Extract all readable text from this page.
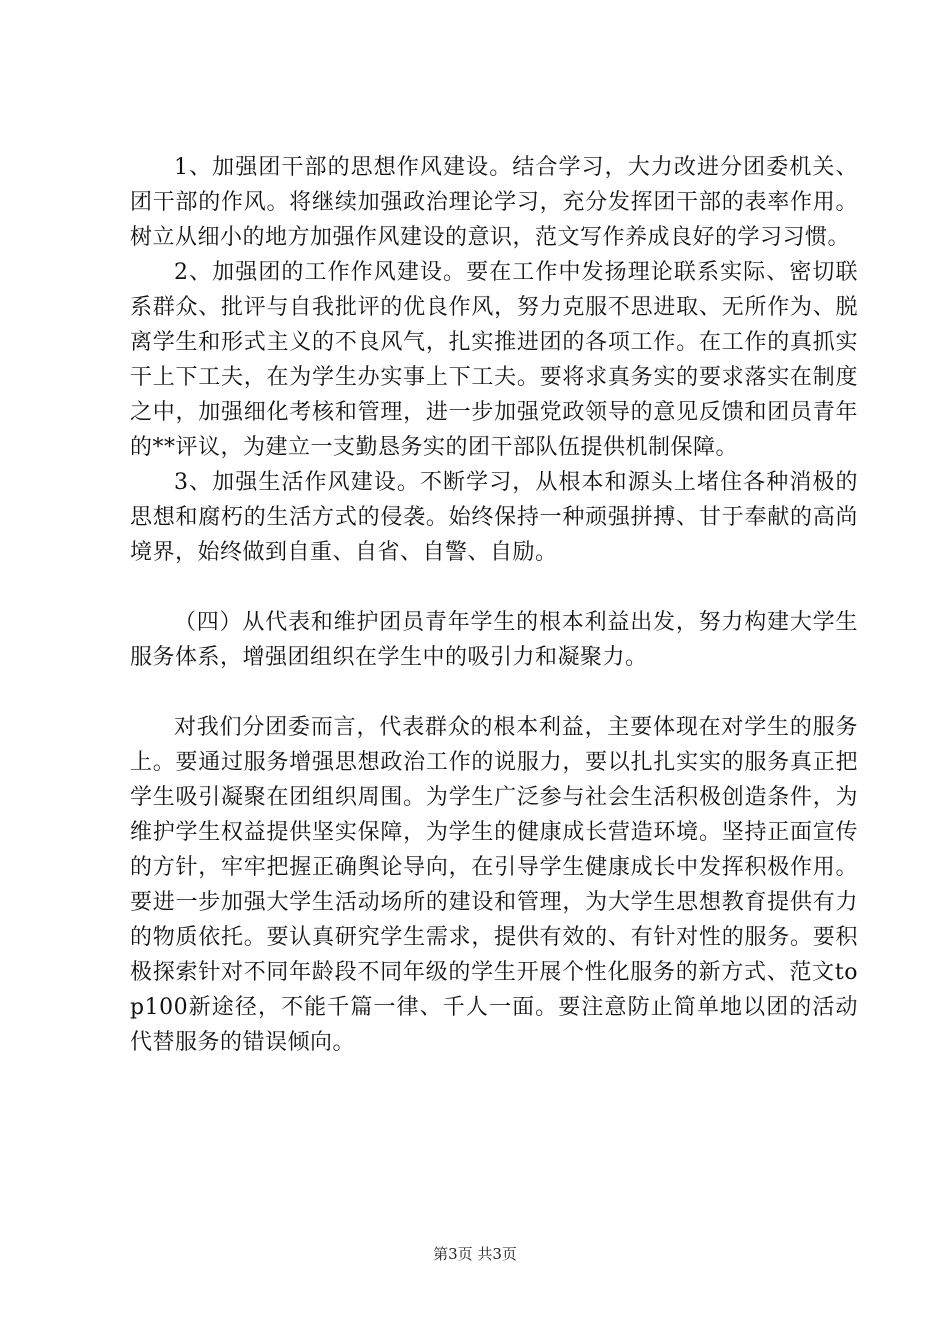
1、加强团干部的思想作风建设。结合学习，大力改进分团委机关、团干部的作风。将继续加强政治理论学习，充分发挥团干部的表率作用。树立从细小的地方加强作风建设的意识，范文写作养成良好的学习习惯。

2、加强团的工作作风建设。要在工作中发扬理论联系实际、密切联系群众、批评与自我批评的优良作风，努力克服不思进取、无所作为、脱离学生和形式主义的不良风气，扎实推进团的各项工作。在工作的真抓实干上下工夫，在为学生办实事上下工夫。要将求真务实的要求落实在制度之中，加强细化考核和管理，进一步加强党政领导的意见反馈和团员青年的**评议，为建立一支勤恳务实的团干部队伍提供机制保障。

3、加强生活作风建设。不断学习，从根本和源头上堵住各种消极的思想和腐朽的生活方式的侵袭。始终保持一种顽强拼搏、甘于奉献的高尚境界，始终做到自重、自省、自警、自励。

（四）从代表和维护团员青年学生的根本利益出发，努力构建大学生服务体系，增强团组织在学生中的吸引力和凝聚力。

对我们分团委而言，代表群众的根本利益，主要体现在对学生的服务上。要通过服务增强思想政治工作的说服力，要以扎扎实实的服务真正把学生吸引凝聚在团组织周围。为学生广泛参与社会生活积极创造条件，为维护学生权益提供坚实保障，为学生的健康成长营造环境。坚持正面宣传的方针，牢牢把握正确舆论导向，在引导学生健康成长中发挥积极作用。要进一步加强大学生活动场所的建设和管理，为大学生思想教育提供有力的物质依托。要认真研究学生需求，提供有效的、有针对性的服务。要积极探索针对不同年龄段不同年级的学生开展个性化服务的新方式、范文top100新途径，不能千篇一律、千人一面。要注意防止简单地以团的活动代替服务的错误倾向。

第3页 共3页
